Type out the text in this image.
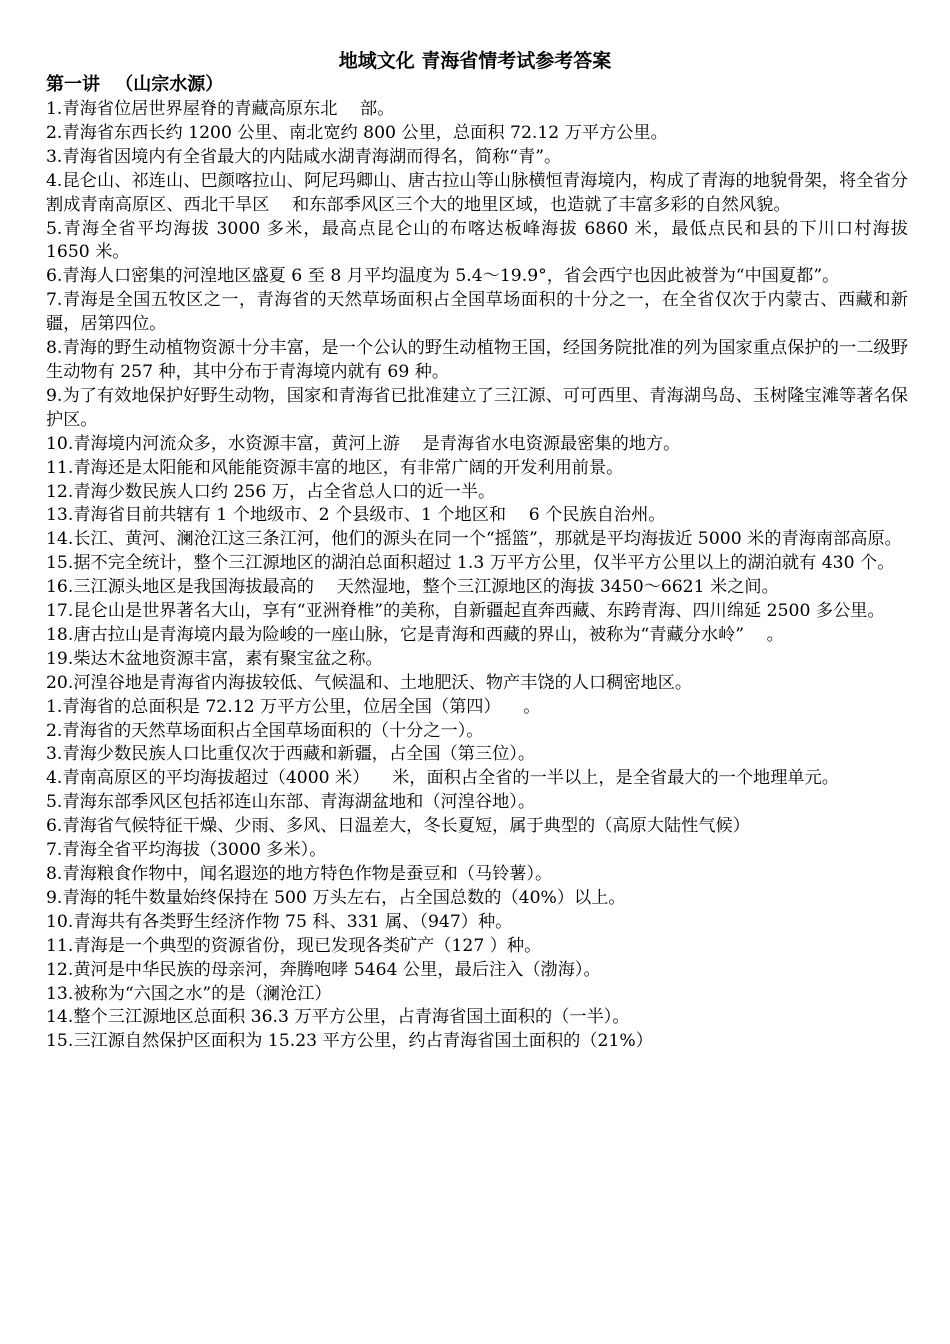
地域文化 青海省情考试参考答案
第一讲 　（山宗水源）

1.青海省位居世界屋脊的青藏高原东北 　部。

2.青海省东西长约 1200 公里、南北宽约 800 公里，总面积 72.12 万平方公里。

3.青海省因境内有全省最大的内陆咸水湖青海湖而得名，简称“青”。

4.昆仑山、祁连山、巴颜喀拉山、阿尼玛卿山、唐古拉山等山脉横恒青海境内，构成了青海的地貌骨架，将全省分割成青南高原区、西北干旱区 　和东部季风区三个大的地里区域，也造就了丰富多彩的自然风貌。

5.青海全省平均海拔 3000 多米，最高点昆仑山的布喀达板峰海拔 6860 米，最低点民和县的下川口村海拔 1650 米。

6.青海人口密集的河湟地区盛夏 6 至 8 月平均温度为 5.4～19.9°，省会西宁也因此被誉为“中国夏都”。

7.青海是全国五牧区之一，青海省的天然草场面积占全国草场面积的十分之一，在全省仅次于内蒙古、西藏和新疆，居第四位。

8.青海的野生动植物资源十分丰富，是一个公认的野生动植物王国，经国务院批准的列为国家重点保护的一二级野生动物有 257 种，其中分布于青海境内就有 69 种。

9.为了有效地保护好野生动物，国家和青海省已批准建立了三江源、可可西里、青海湖鸟岛、玉树隆宝滩等著名保护区。

10.青海境内河流众多，水资源丰富，黄河上游 　是青海省水电资源最密集的地方。

11.青海还是太阳能和风能能资源丰富的地区，有非常广阔的开发利用前景。

12.青海少数民族人口约 256 万，占全省总人口的近一半。

13.青海省目前共辖有 1 个地级市、2 个县级市、1 个地区和 　6 个民族自治州。

14.长江、黄河、澜沧江这三条江河，他们的源头在同一个“摇篮”，那就是平均海拔近 5000 米的青海南部高原。

15.据不完全统计，整个三江源地区的湖泊总面积超过 1.3 万平方公里，仅半平方公里以上的湖泊就有 430 个。

16.三江源头地区是我国海拔最高的 　天然湿地，整个三江源地区的海拔 3450～6621 米之间。

17.昆仑山是世界著名大山，享有“亚洲脊椎”的美称，自新疆起直奔西藏、东跨青海、四川绵延 2500 多公里。

18.唐古拉山是青海境内最为险峻的一座山脉，它是青海和西藏的界山，被称为“青藏分水岭” 　。

19.柴达木盆地资源丰富，素有聚宝盆之称。

20.河湟谷地是青海省内海拔较低、气候温和、土地肥沃、物产丰饶的人口稠密地区。

1.青海省的总面积是 72.12 万平方公里，位居全国（第四） 　。

2.青海省的天然草场面积占全国草场面积的（十分之一）。

3.青海少数民族人口比重仅次于西藏和新疆，占全国（第三位）。

4.青南高原区的平均海拔超过（4000 米） 　米，面积占全省的一半以上，是全省最大的一个地理单元。

5.青海东部季风区包括祁连山东部、青海湖盆地和（河湟谷地）。

6.青海省气候特征干燥、少雨、多风、日温差大，冬长夏短，属于典型的（高原大陆性气候）

7.青海全省平均海拔（3000 多米）。

8.青海粮食作物中，闻名遐迩的地方特色作物是蚕豆和（马铃薯）。

9.青海的牦牛数量始终保持在 500 万头左右，占全国总数的（40%）以上。

10.青海共有各类野生经济作物 75 科、331 属、（947）种。

11.青海是一个典型的资源省份，现已发现各类矿产（127 ）种。

12.黄河是中华民族的母亲河，奔腾咆哮 5464 公里，最后注入（渤海）。

13.被称为“六国之水”的是（澜沧江）

14.整个三江源地区总面积 36.3 万平方公里，占青海省国土面积的（一半）。

15.三江源自然保护区面积为 15.23 平方公里，约占青海省国土面积的（21%）
